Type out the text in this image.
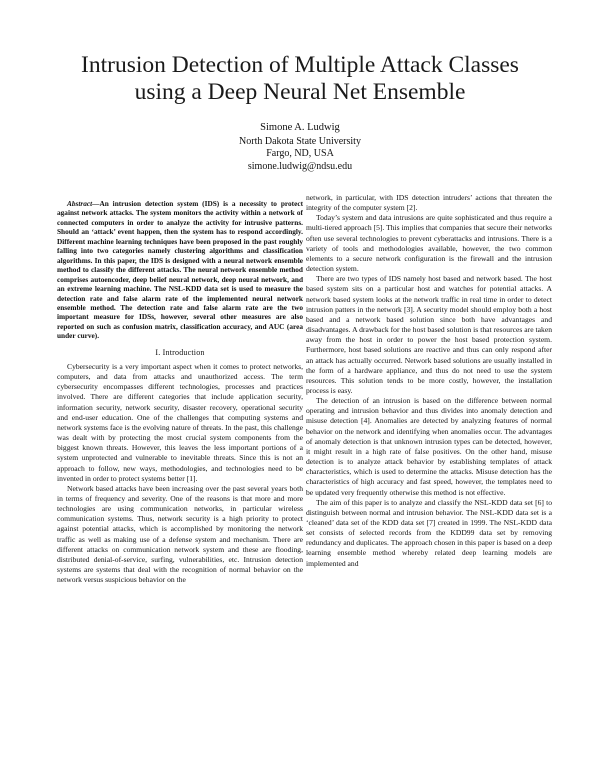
Intrusion Detection of Multiple Attack Classes
using a Deep Neural Net Ensemble
Simone A. Ludwig
North Dakota State University
Fargo, ND, USA
simone.ludwig@ndsu.edu

Abstract—An intrusion detection system (IDS) is a necessity to protect against network attacks. The system monitors the activity within a network of connected computers in order to analyze the activity for intrusive patterns. Should an ‘attack’ event happen, then the system has to respond accordingly. Different machine learning techniques have been proposed in the past roughly falling into two categories namely clustering algorithms and classification algorithms. In this paper, the IDS is designed with a neural network ensemble method to classify the different attacks. The neural network ensemble method comprises autoencoder, deep belief neural network, deep neural network, and an extreme learning machine. The NSL-KDD data set is used to measure the detection rate and false alarm rate of the implemented neural network ensemble method. The detection rate and false alarm rate are the two important measure for IDSs, however, several other measures are also reported on such as confusion matrix, classification accuracy, and AUC (area under curve).

I. Introduction

Cybersecurity is a very important aspect when it comes to protect networks, computers, and data from attacks and unauthorized access. The term cybersecurity encompasses different technologies, processes and practices involved. There are different categories that include application security, information security, network security, disaster recovery, operational security and end-user education. One of the challenges that computing systems and network systems face is the evolving nature of threats. In the past, this challenge was dealt with by protecting the most crucial system components from the biggest known threats. However, this leaves the less important portions of a system unprotected and vulnerable to inevitable threats. Since this is not an approach to follow, new ways, methodologies, and technologies need to be invented in order to protect systems better [1].

Network based attacks have been increasing over the past several years both in terms of frequency and severity. One of the reasons is that more and more technologies are using communication networks, in particular wireless communication systems. Thus, network security is a high priority to protect against potential attacks, which is accomplished by monitoring the network traffic as well as making use of a defense system and mechanism. There are different attacks on communication network system and these are flooding, distributed denial-of-service, surfing, vulnerabilities, etc. Intrusion detection systems are systems that deal with the recognition of normal behavior on the network versus suspicious behavior on the

network, in particular, with IDS detection intruders’ actions that threaten the integrity of the computer system [2].

Today’s system and data intrusions are quite sophisticated and thus require a multi-tiered approach [5]. This implies that companies that secure their networks often use several technologies to prevent cyberattacks and intrusions. There is a variety of tools and methodologies available, however, the two common elements to a secure network configuration is the firewall and the intrusion detection system.

There are two types of IDS namely host based and network based. The host based system sits on a particular host and watches for potential attacks. A network based system looks at the network traffic in real time in order to detect intrusion patters in the network [3]. A security model should employ both a host based and a network based solution since both have advantages and disadvantages. A drawback for the host based solution is that resources are taken away from the host in order to power the host based protection system. Furthermore, host based solutions are reactive and thus can only respond after an attack has actually occurred. Network based solutions are usually installed in the form of a hardware appliance, and thus do not need to use the system resources. This solution tends to be more costly, however, the installation process is easy.

The detection of an intrusion is based on the difference between normal operating and intrusion behavior and thus divides into anomaly detection and misuse detection [4]. Anomalies are detected by analyzing features of normal behavior on the network and identifying when anomalies occur. The advantages of anomaly detection is that unknown intrusion types can be detected, however, it might result in a high rate of false positives. On the other hand, misuse detection is to analyze attack behavior by establishing templates of attack characteristics, which is used to determine the attacks. Misuse detection has the characteristics of high accuracy and fast speed, however, the templates need to be updated very frequently otherwise this method is not effective.

The aim of this paper is to analyze and classify the NSL-KDD data set [6] to distinguish between normal and intrusion behavior. The NSL-KDD data set is a ‘cleaned’ data set of the KDD data set [7] created in 1999. The NSL-KDD data set consists of selected records from the KDD99 data set by removing redundancy and duplicates. The approach chosen in this paper is based on a deep learning ensemble method whereby related deep learning models are implemented and
